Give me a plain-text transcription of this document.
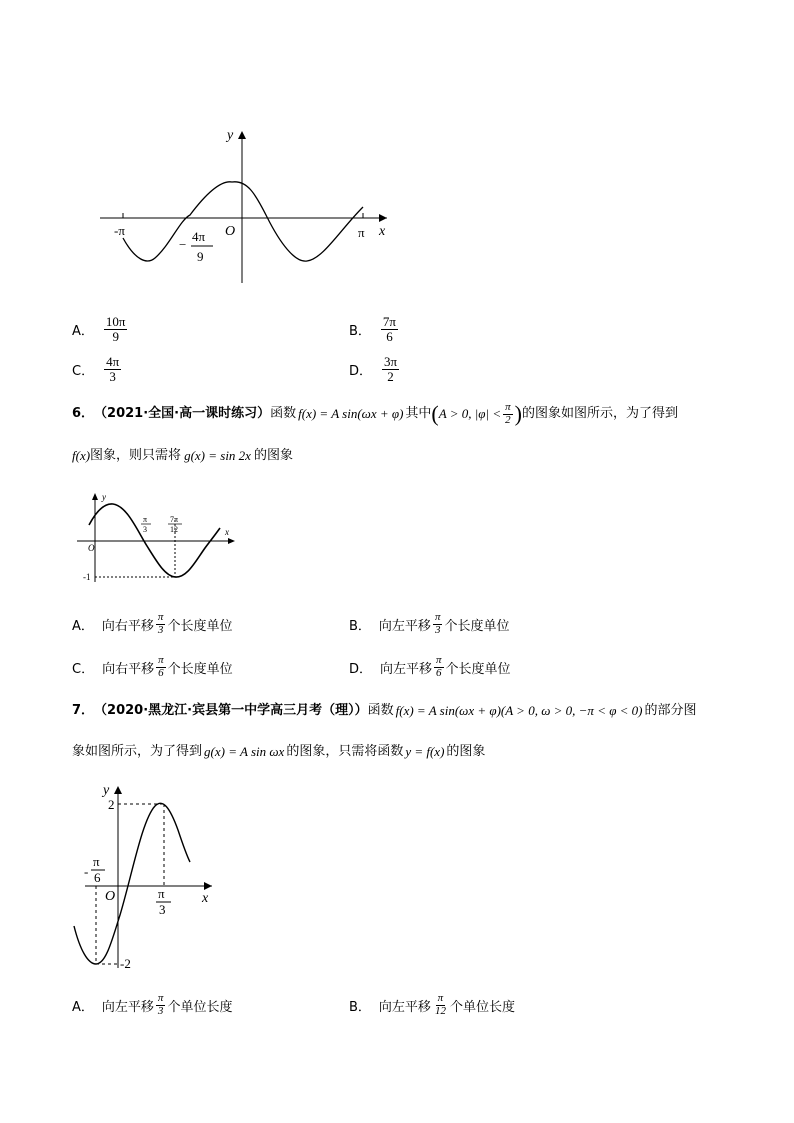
y
x
O
-π	π
−
4π
9
A． $\frac{10\pi}{9}$	B． $\frac{7\pi}{6}$
C． $\frac{4\pi}{3}$	D． $\frac{3\pi}{2}$
6． （2021·全国·高一课时练习） 函数 f(x) = A sin(ωx + φ) 其中 ( A > 0, $|\varphi| < \frac{\pi}{2}$ ) 的图象如图所示，为了得到
f(x) 图象，则只需将 g(x) = sin 2x 的图象
y
x
O
-1
π
3
7π
12
A． 向右平移 $\frac{\pi}{3}$ 个长度单位	B． 向左平移 $\frac{\pi}{3}$ 个长度单位
C． 向右平移 $\frac{\pi}{6}$ 个长度单位	D． 向左平移 $\frac{\pi}{6}$ 个长度单位
7． （2020·黑龙江·宾县第一中学高三月考（理）） 函数 f(x) = A sin(ωx + φ)(A > 0, ω > 0, −π < φ < 0) 的部分图
象如图所示，为了得到 g(x) = A sin ωx 的图象，只需将函数 y = f(x) 的图象
y
x
O
2
-2
-
π
6
π
3
A． 向左平移 $\frac{\pi}{3}$ 个单位长度	B． 向左平移 $\frac{\pi}{12}$ 个单位长度
